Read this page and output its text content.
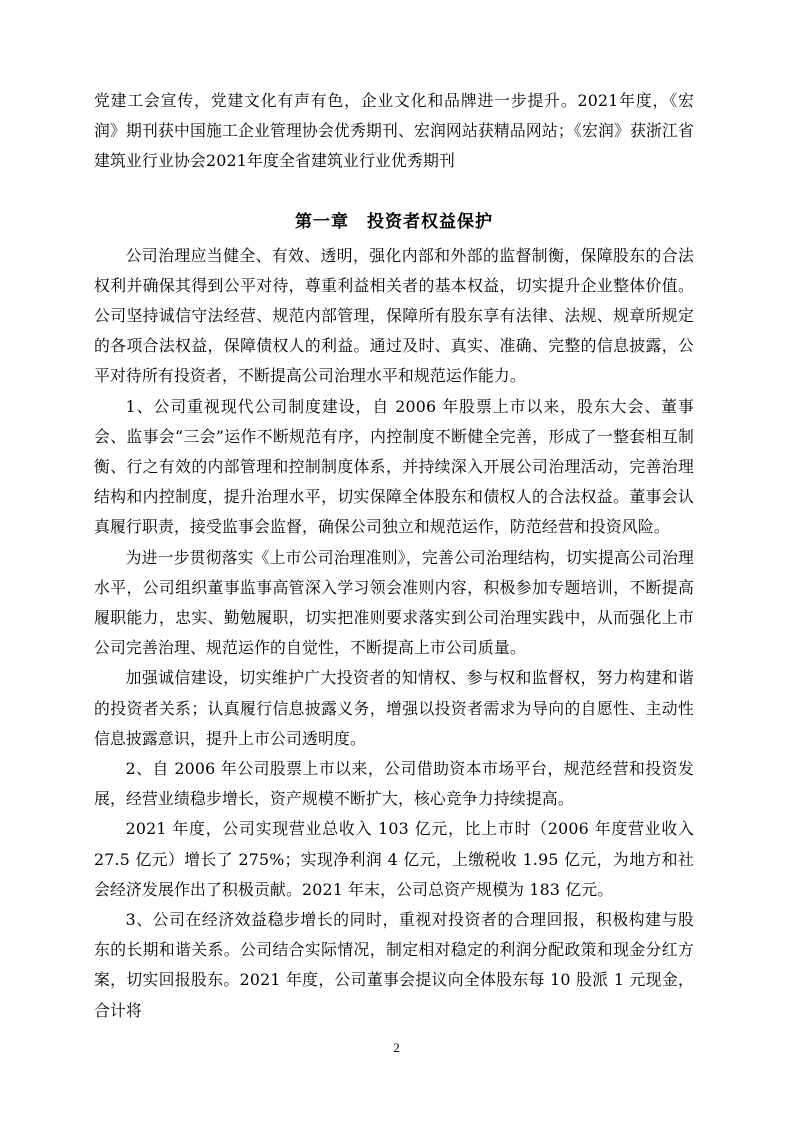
党建工会宣传，党建文化有声有色，企业文化和品牌进一步提升。2021年度，《宏润》期刊获中国施工企业管理协会优秀期刊、宏润网站获精品网站；《宏润》获浙江省建筑业行业协会2021年度全省建筑业行业优秀期刊

第一章　投资者权益保护

公司治理应当健全、有效、透明，强化内部和外部的监督制衡，保障股东的合法权利并确保其得到公平对待，尊重利益相关者的基本权益，切实提升企业整体价值。公司坚持诚信守法经营、规范内部管理，保障所有股东享有法律、法规、规章所规定的各项合法权益，保障债权人的利益。通过及时、真实、准确、完整的信息披露，公平对待所有投资者，不断提高公司治理水平和规范运作能力。

1、公司重视现代公司制度建设，自 2006 年股票上市以来，股东大会、董事会、监事会“三会”运作不断规范有序，内控制度不断健全完善，形成了一整套相互制衡、行之有效的内部管理和控制制度体系，并持续深入开展公司治理活动，完善治理结构和内控制度，提升治理水平，切实保障全体股东和债权人的合法权益。董事会认真履行职责，接受监事会监督，确保公司独立和规范运作，防范经营和投资风险。

为进一步贯彻落实《上市公司治理准则》，完善公司治理结构，切实提高公司治理水平，公司组织董事监事高管深入学习领会准则内容，积极参加专题培训，不断提高履职能力，忠实、勤勉履职，切实把准则要求落实到公司治理实践中，从而强化上市公司完善治理、规范运作的自觉性，不断提高上市公司质量。

加强诚信建设，切实维护广大投资者的知情权、参与权和监督权，努力构建和谐的投资者关系；认真履行信息披露义务，增强以投资者需求为导向的自愿性、主动性信息披露意识，提升上市公司透明度。

2、自 2006 年公司股票上市以来，公司借助资本市场平台，规范经营和投资发展，经营业绩稳步增长，资产规模不断扩大，核心竞争力持续提高。

2021 年度，公司实现营业总收入 103 亿元，比上市时（2006 年度营业收入 27.5 亿元）增长了 275%；实现净利润 4 亿元，上缴税收 1.95 亿元，为地方和社会经济发展作出了积极贡献。2021 年末，公司总资产规模为 183 亿元。

3、公司在经济效益稳步增长的同时，重视对投资者的合理回报，积极构建与股东的长期和谐关系。公司结合实际情况，制定相对稳定的利润分配政策和现金分红方案，切实回报股东。2021 年度，公司董事会提议向全体股东每 10 股派 1 元现金，合计将

2
